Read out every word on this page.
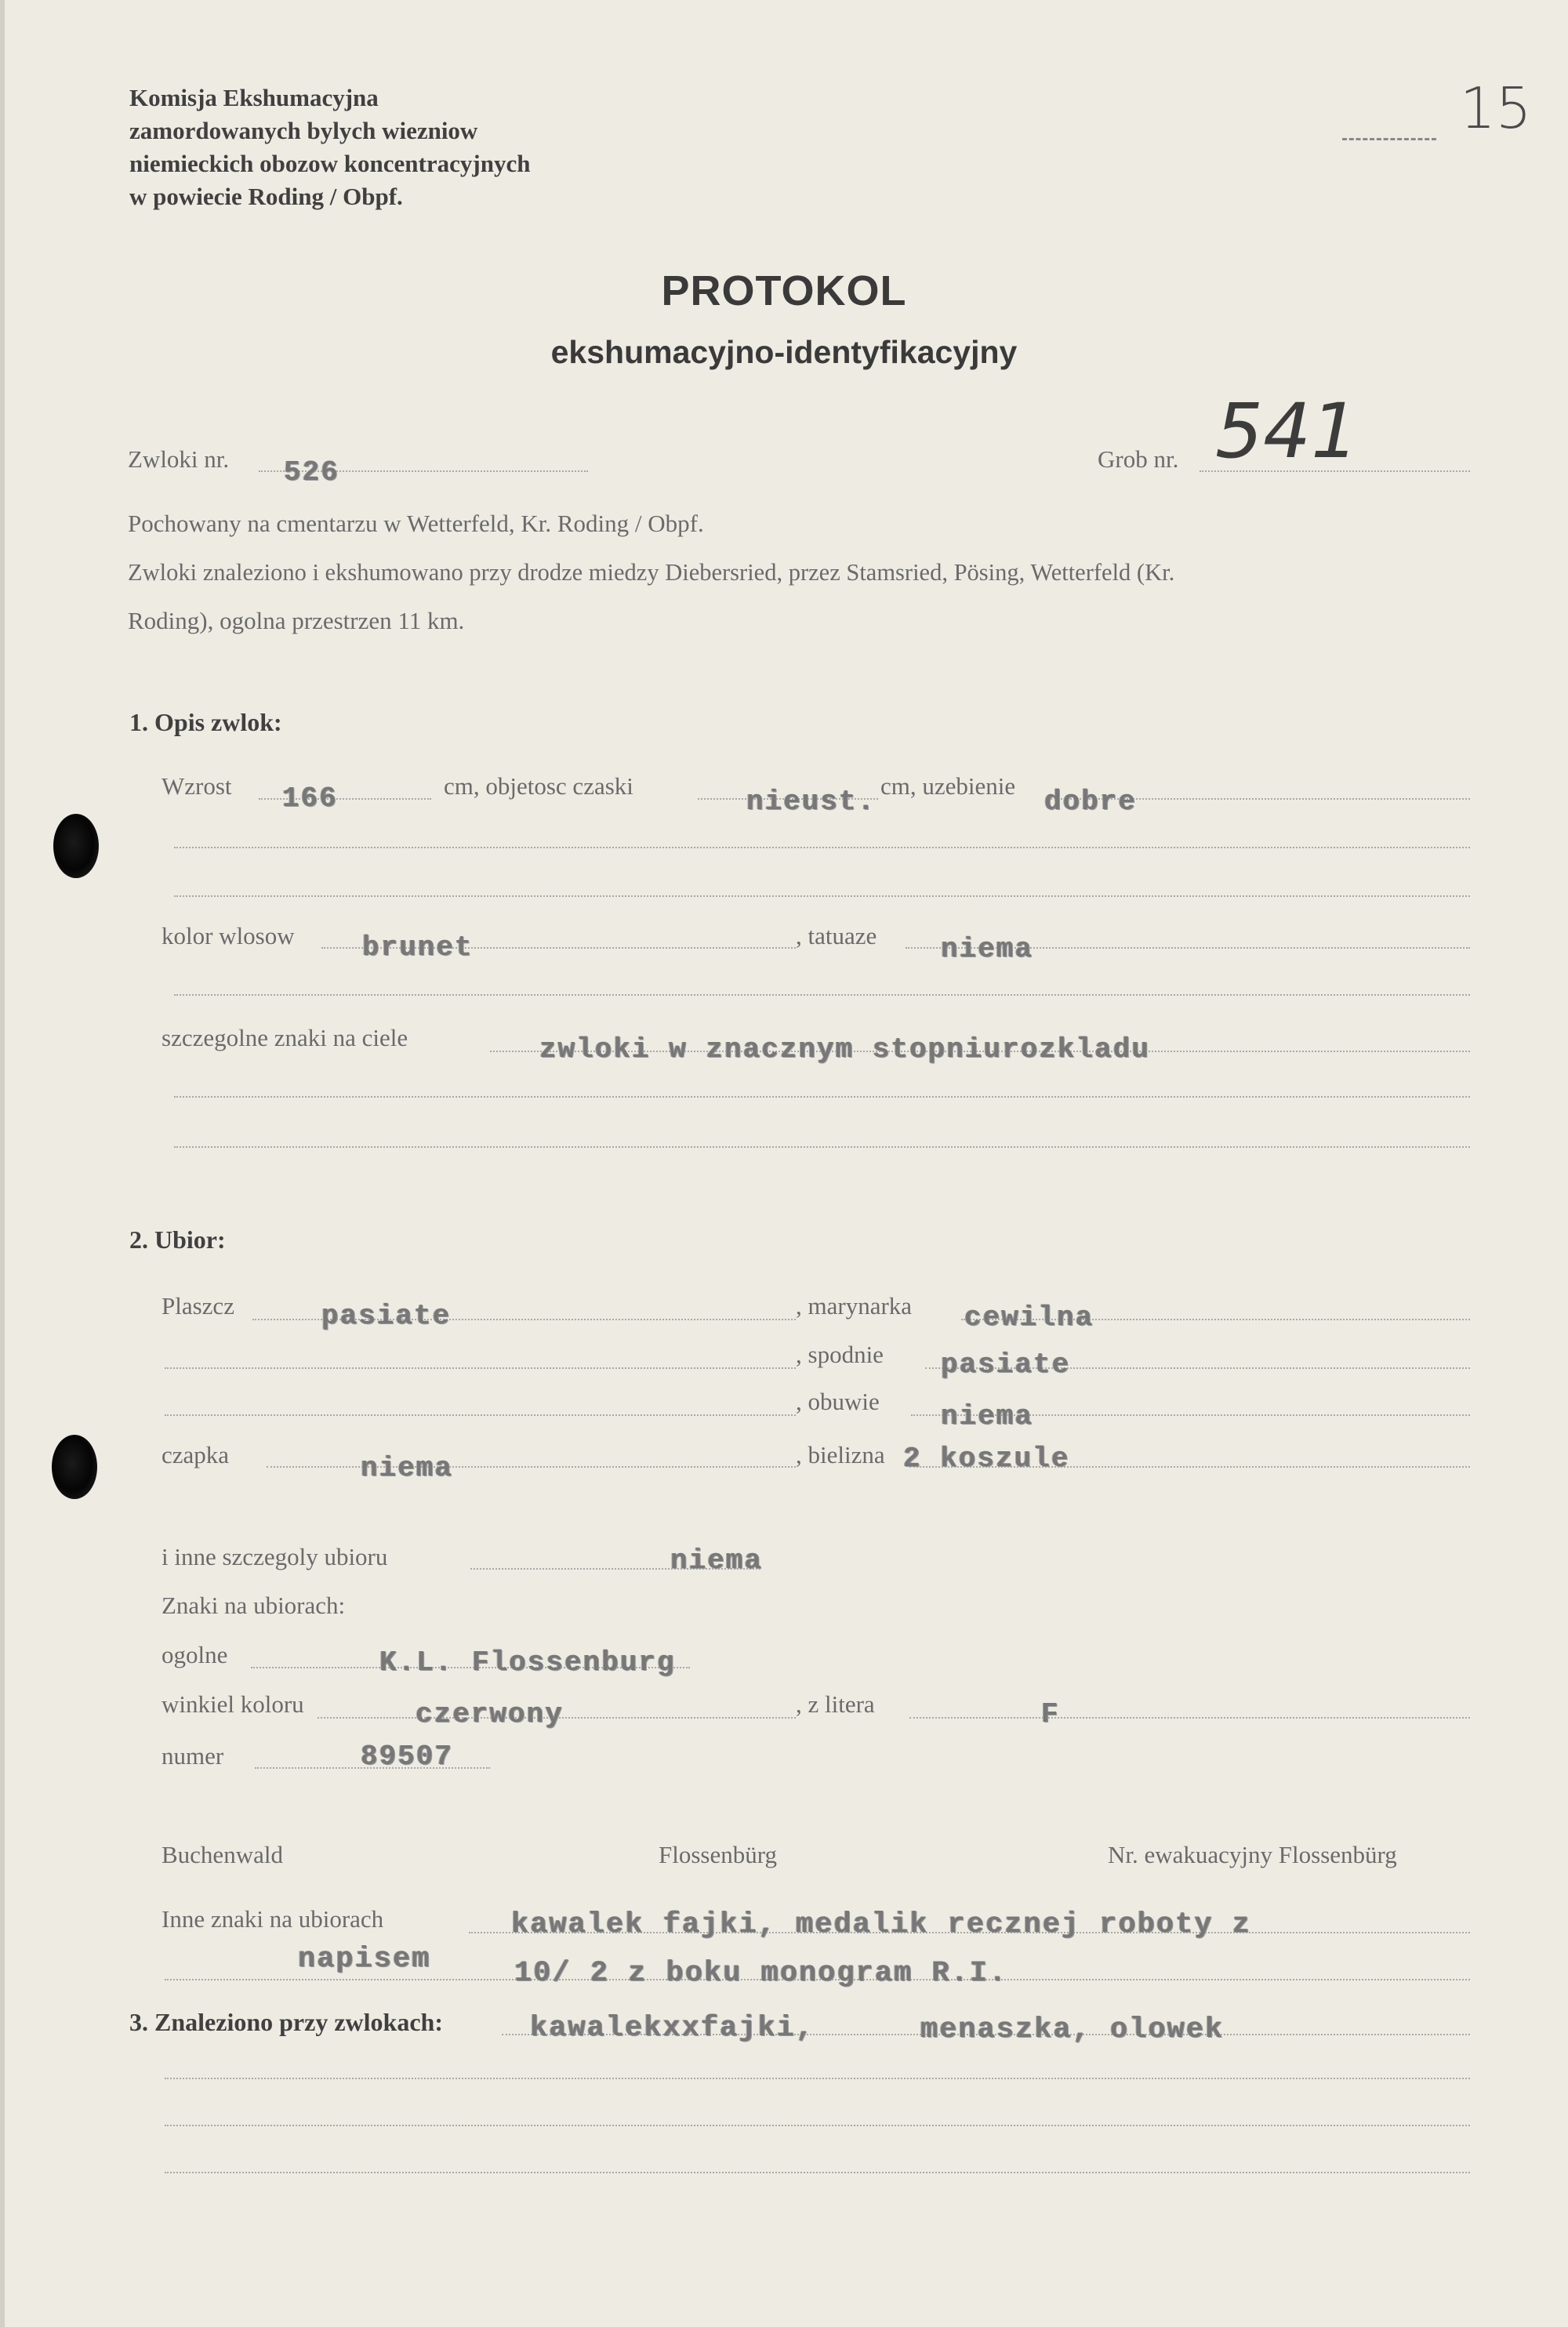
Komisja Ekshumacyjna
zamordowanych bylych wiezniow
niemieckich obozow koncentracyjnych
w powiecie Roding / Obpf.
15
PROTOKOL
ekshumacyjno-identyfikacyjny
Zwloki nr. 526	Grob nr. 541
Pochowany na cmentarzu w Wetterfeld, Kr. Roding / Obpf.
Zwloki znaleziono i ekshumowano przy drodze miedzy Diebersried, przez Stamsried, Pösing, Wetterfeld (Kr.
Roding), ogolna przestrzen 11 km.
1. Opis zwlok:
Wzrost 166	cm, objetosc czaski	nieust. cm, uzebienie dobre
kolor wlosow brunet	, tatuaze niema
szczegolne znaki na ciele	zwloki w znacznym stopniurozkladu
2. Ubior:
Plaszcz	pasiate	, marynarka cewilna
, spodnie pasiate
, obuwie niema
czapka	niema	, bielizna 2 koszule
i inne szczegoly ubioru	niema
Znaki na ubiorach:
ogolne	K.L. Flossenburg
winkiel koloru	czerwony	, z litera	F
numer	89507
Buchenwald	Flossenbürg	Nr. ewakuacyjny Flossenbürg
Inne znaki na ubiorach	kawalek fajki, medalik recznej roboty z
napisem	10/ 2 z boku monogram R.I.
3. Znaleziono przy zwlokach:	kawalekxxfajki,	menaszka, olowek
